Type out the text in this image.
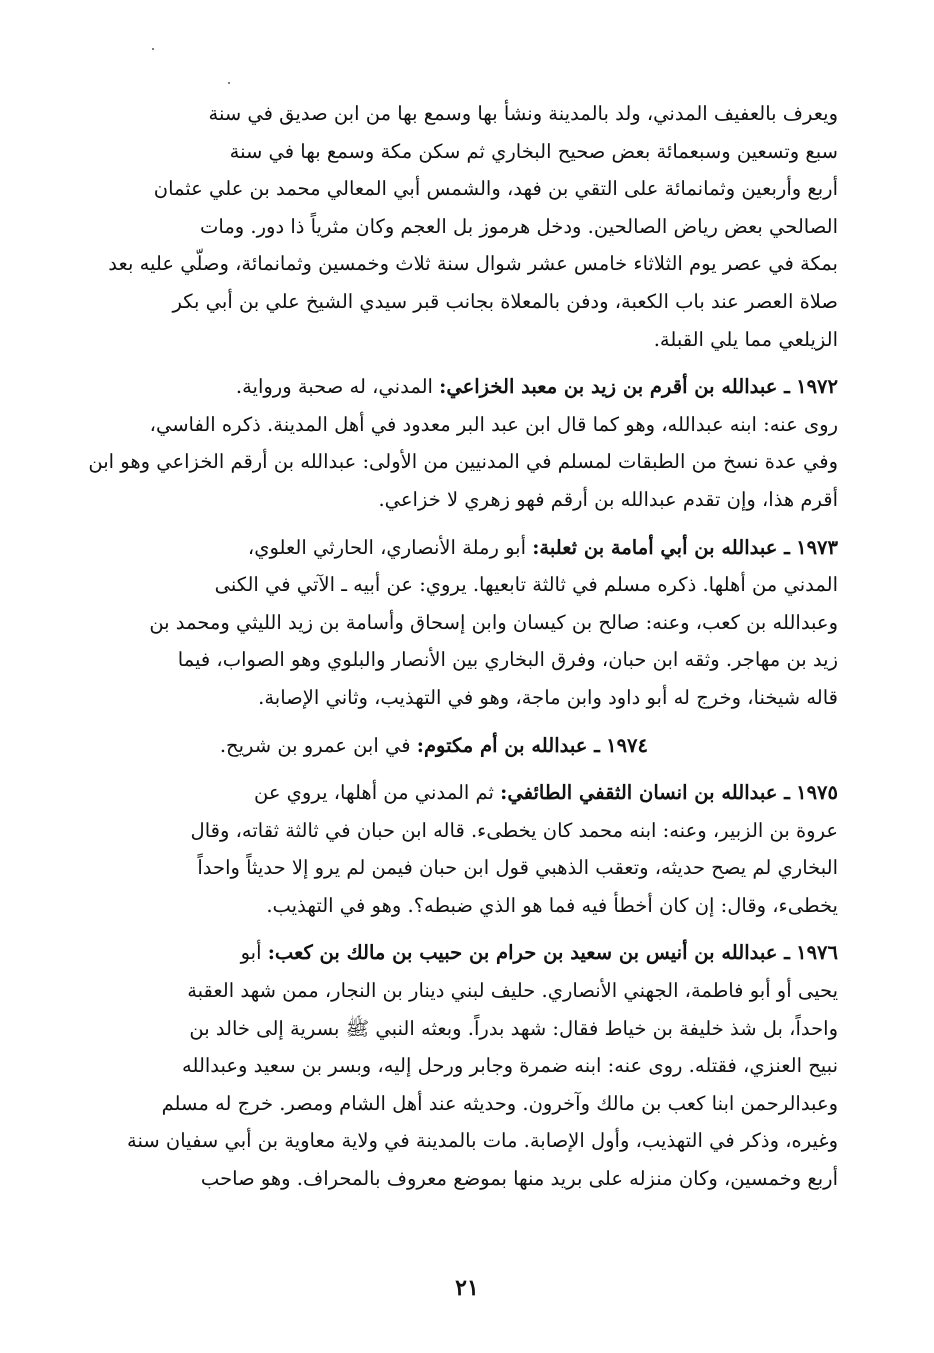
ويعرف بالعفيف المدني، ولد بالمدينة ونشأ بها وسمع بها من ابن صديق في سنة
سبع وتسعين وسبعمائة بعض صحيح البخاري ثم سكن مكة وسمع بها في سنة
أربع وأربعين وثمانمائة على التقي بن فهد، والشمس أبي المعالي محمد بن علي عثمان
الصالحي بعض رياض الصالحين. ودخل هرموز بل العجم وكان مثرياً ذا دور. ومات
بمكة في عصر يوم الثلاثاء خامس عشر شوال سنة ثلاث وخمسين وثمانمائة، وصلّي عليه بعد
صلاة العصر عند باب الكعبة، ودفن بالمعلاة بجانب قبر سيدي الشيخ علي بن أبي بكر
الزيلعي مما يلي القبلة.
١٩٧٢ ـ عبدالله بن أقرم بن زيد بن معبد الخزاعي: المدني، له صحبة ورواية.
روى عنه: ابنه عبدالله، وهو كما قال ابن عبد البر معدود في أهل المدينة. ذكره الفاسي،
وفي عدة نسخ من الطبقات لمسلم في المدنيين من الأولى: عبدالله بن أرقم الخزاعي وهو ابن
أقرم هذا، وإن تقدم عبدالله بن أرقم فهو زهري لا خزاعي.
١٩٧٣ ـ عبدالله بن أبي أمامة بن ثعلبة: أبو رملة الأنصاري، الحارثي العلوي،
المدني من أهلها. ذكره مسلم في ثالثة تابعيها. يروي: عن أبيه ـ الآتي في الكنى
وعبدالله بن كعب، وعنه: صالح بن كيسان وابن إسحاق وأسامة بن زيد الليثي ومحمد بن
زيد بن مهاجر. وثقه ابن حبان، وفرق البخاري بين الأنصار والبلوي وهو الصواب، فيما
قاله شيخنا، وخرج له أبو داود وابن ماجة، وهو في التهذيب، وثاني الإصابة.
١٩٧٤ ـ عبدالله بن أم مكتوم: في ابن عمرو بن شريح.
١٩٧٥ ـ عبدالله بن انسان الثقفي الطائفي: ثم المدني من أهلها، يروي عن
عروة بن الزبير، وعنه: ابنه محمد كان يخطىء. قاله ابن حبان في ثالثة ثقاته، وقال
البخاري لم يصح حديثه، وتعقب الذهبي قول ابن حبان فيمن لم يرو إلا حديثاً واحداً
يخطىء، وقال: إن كان أخطأ فيه فما هو الذي ضبطه؟. وهو في التهذيب.
١٩٧٦ ـ عبدالله بن أنيس بن سعيد بن حرام بن حبيب بن مالك بن كعب: أبو
يحيى أو أبو فاطمة، الجهني الأنصاري. حليف لبني دينار بن النجار، ممن شهد العقبة
واحداً، بل شذ خليفة بن خياط فقال: شهد بدراً. وبعثه النبي ﷺ بسرية إلى خالد بن
نبيح العنزي، فقتله. روى عنه: ابنه ضمرة وجابر ورحل إليه، وبسر بن سعيد وعبدالله
وعبدالرحمن ابنا كعب بن مالك وآخرون. وحديثه عند أهل الشام ومصر. خرج له مسلم
وغيره، وذكر في التهذيب، وأول الإصابة. مات بالمدينة في ولاية معاوية بن أبي سفيان سنة
أربع وخمسين، وكان منزله على بريد منها بموضع معروف بالمحراف. وهو صاحب
٢١
